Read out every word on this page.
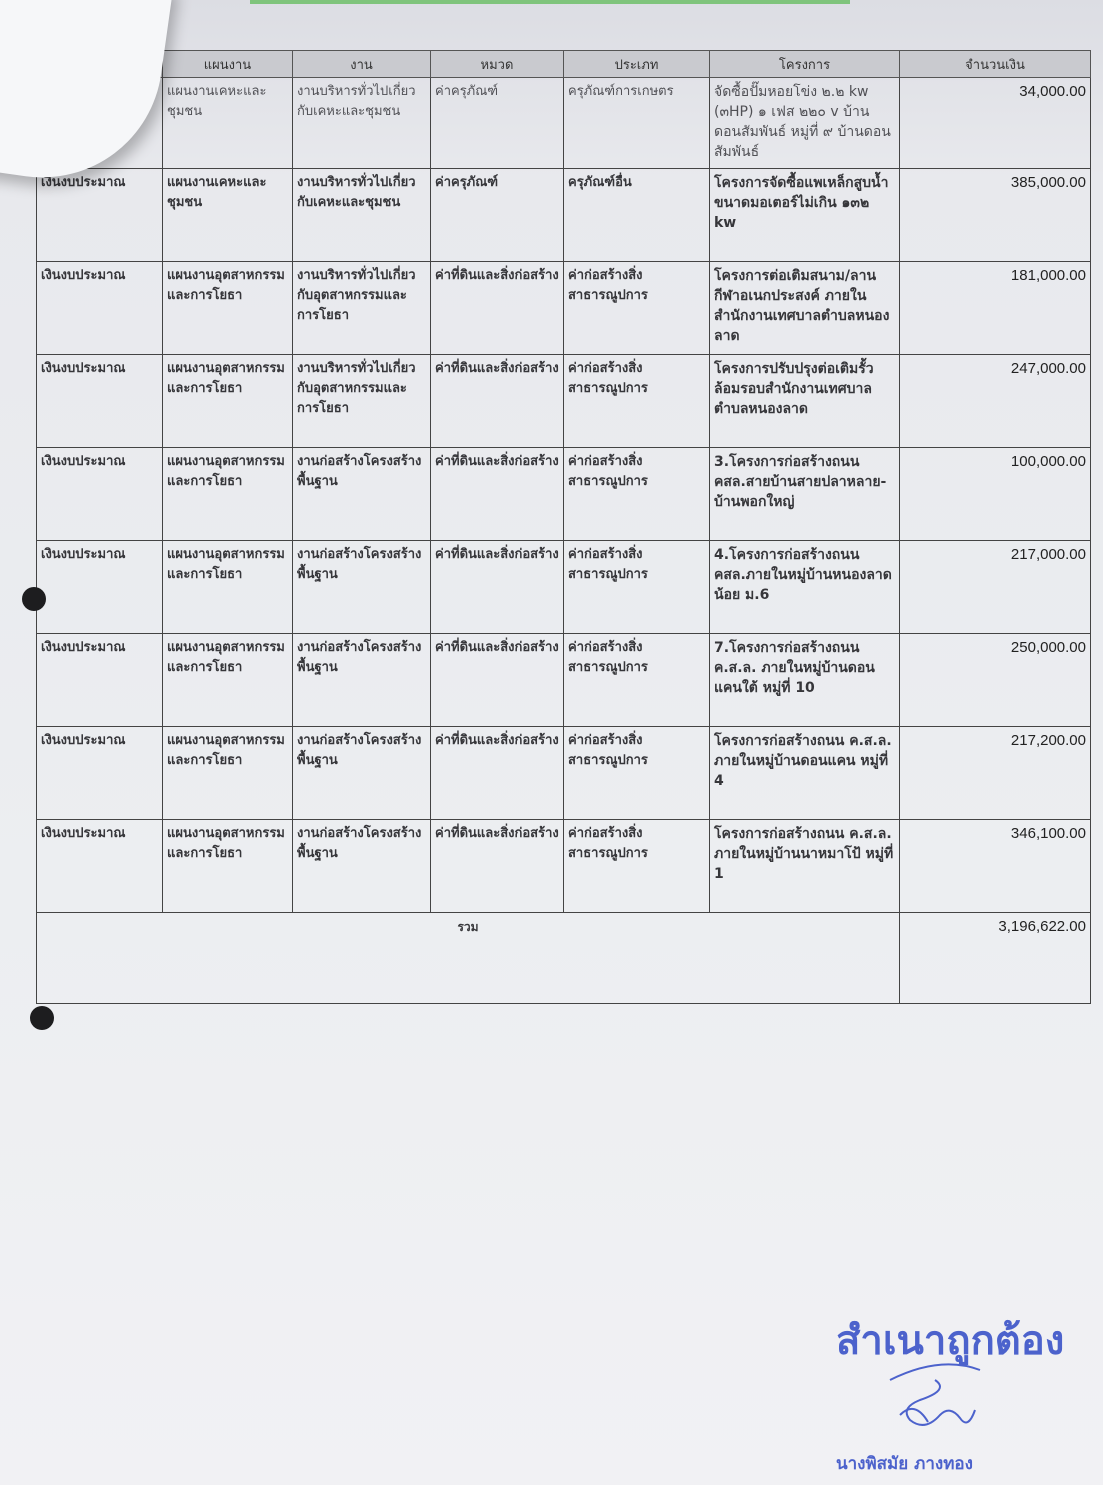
	แผนงาน	งาน	หมวด	ประเภท	โครงการ	จำนวนเงิน
	แผนงานเคหะและชุมชน	งานบริหารทั่วไปเกี่ยวกับเคหะและชุมชน	ค่าครุภัณฑ์	ครุภัณฑ์การเกษตร	จัดซื้อปั๊มหอยโข่ง ๒.๒ kw (๓HP) ๑ เฟส ๒๒๐ v บ้านดอนสัมพันธ์ หมู่ที่ ๙ บ้านดอนสัมพันธ์	34,000.00
เงินงบประมาณ	แผนงานเคหะและชุมชน	งานบริหารทั่วไปเกี่ยวกับเคหะและชุมชน	ค่าครุภัณฑ์	ครุภัณฑ์อื่น	โครงการจัดซื้อแพเหล็กสูบน้ำ ขนาดมอเตอร์ไม่เกิน ๑๓๒ kw	385,000.00
เงินงบประมาณ	แผนงานอุตสาหกรรมและการโยธา	งานบริหารทั่วไปเกี่ยวกับอุตสาหกรรมและการโยธา	ค่าที่ดินและสิ่งก่อสร้าง	ค่าก่อสร้างสิ่งสาธารณูปการ	โครงการต่อเติมสนาม/ลานกีฬาอเนกประสงค์ ภายในสำนักงานเทศบาลตำบลหนองลาด	181,000.00
เงินงบประมาณ	แผนงานอุตสาหกรรมและการโยธา	งานบริหารทั่วไปเกี่ยวกับอุตสาหกรรมและการโยธา	ค่าที่ดินและสิ่งก่อสร้าง	ค่าก่อสร้างสิ่งสาธารณูปการ	โครงการปรับปรุงต่อเติมรั้วล้อมรอบสำนักงานเทศบาลตำบลหนองลาด	247,000.00
เงินงบประมาณ	แผนงานอุตสาหกรรมและการโยธา	งานก่อสร้างโครงสร้างพื้นฐาน	ค่าที่ดินและสิ่งก่อสร้าง	ค่าก่อสร้างสิ่งสาธารณูปการ	3.โครงการก่อสร้างถนน คสล.สายบ้านสายปลาหลาย-บ้านพอกใหญ่	100,000.00
เงินงบประมาณ	แผนงานอุตสาหกรรมและการโยธา	งานก่อสร้างโครงสร้างพื้นฐาน	ค่าที่ดินและสิ่งก่อสร้าง	ค่าก่อสร้างสิ่งสาธารณูปการ	4.โครงการก่อสร้างถนน คสล.ภายในหมู่บ้านหนองลาดน้อย ม.6	217,000.00
เงินงบประมาณ	แผนงานอุตสาหกรรมและการโยธา	งานก่อสร้างโครงสร้างพื้นฐาน	ค่าที่ดินและสิ่งก่อสร้าง	ค่าก่อสร้างสิ่งสาธารณูปการ	7.โครงการก่อสร้างถนน ค.ส.ล. ภายในหมู่บ้านดอนแคนใต้ หมู่ที่ 10	250,000.00
เงินงบประมาณ	แผนงานอุตสาหกรรมและการโยธา	งานก่อสร้างโครงสร้างพื้นฐาน	ค่าที่ดินและสิ่งก่อสร้าง	ค่าก่อสร้างสิ่งสาธารณูปการ	โครงการก่อสร้างถนน ค.ส.ล. ภายในหมู่บ้านดอนแคน หมู่ที่ 4	217,200.00
เงินงบประมาณ	แผนงานอุตสาหกรรมและการโยธา	งานก่อสร้างโครงสร้างพื้นฐาน	ค่าที่ดินและสิ่งก่อสร้าง	ค่าก่อสร้างสิ่งสาธารณูปการ	โครงการก่อสร้างถนน ค.ส.ล. ภายในหมู่บ้านนาหมาโป้ หมู่ที่ 1	346,100.00
รวม						3,196,622.00
สำเนาถูกต้อง
นางพิสมัย ภางทอง
